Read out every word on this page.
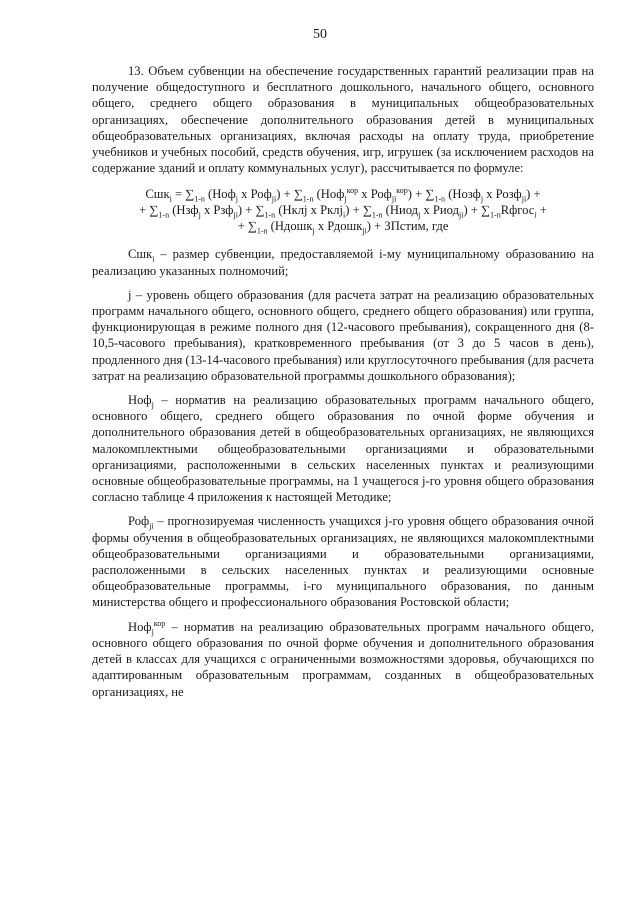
50

13. Объем субвенции на обеспечение государственных гарантий реализации прав на получение общедоступного и бесплатного дошкольного, начального общего, основного общего, среднего общего образования в муниципальных общеобразовательных организациях, обеспечение дополнительного образования детей в муниципальных общеобразовательных организациях, включая расходы на оплату труда, приобретение учебников и учебных пособий, средств обучения, игр, игрушек (за исключением расходов на содержание зданий и оплату коммунальных услуг), рассчитывается по формуле:

$Сшк_i = \sum_{1-n}$ (Ноф$_j$ х $Роф_{ji}) + \sum_{1-n}$ (Ноф$_j^{кор}$ х $Роф_{ji}^{кор}) + \sum_{1-n}$ (Нозф$_j$ х Розф$_{ji}$) +
+ $\sum_{1-n}$ (Нзф$_j$ х $Рзф_{ji}) + \sum_{1-n}$ (Нклj х Рклj$_i$) + $\sum_{1-n}$ (Ниод$_j$ х Риод$_{ji}$) + $\sum_{1-n}Rфгос_i$ +
+ $\sum_{1-n}$ (Ндошк$_j$ х Рдошк$_{ji}$) + ЗПстим, где

Сшк$_i$ – размер субвенции, предоставляемой i-му муниципальному образованию на реализацию указанных полномочий;

j – уровень общего образования (для расчета затрат на реализацию образовательных программ начального общего, основного общего, среднего общего образования) или группа, функционирующая в режиме полного дня (12-часового пребывания), сокращенного дня (8-10,5-часового пребывания), кратковременного пребывания (от 3 до 5 часов в день), продленного дня (13-14-часового пребывания) или круглосуточного пребывания (для расчета затрат на реализацию образовательной программы дошкольного образования);

Ноф$_j$ – норматив на реализацию образовательных программ начального общего, основного общего, среднего общего образования по очной форме обучения и дополнительного образования детей в общеобразовательных организациях, не являющихся малокомплектными общеобразовательными организациями и образовательными организациями, расположенными в сельских населенных пунктах и реализующими основные общеобразовательные программы, на 1 учащегося j-го уровня общего образования согласно таблице 4 приложения к настоящей Методике;

Роф$_{ji}$ – прогнозируемая численность учащихся j-го уровня общего образования очной формы обучения в общеобразовательных организациях, не являющихся малокомплектными общеобразовательными организациями и образовательными организациями, расположенными в сельских населенных пунктах и реализующими основные общеобразовательные программы, i-го муниципального образования, по данным министерства общего и профессионального образования Ростовской области;

Ноф$_j^{кор}$ – норматив на реализацию образовательных программ начального общего, основного общего образования по очной форме обучения и дополнительного образования детей в классах для учащихся с ограниченными возможностями здоровья, обучающихся по адаптированным образовательным программам, созданных в общеобразовательных организациях, не
